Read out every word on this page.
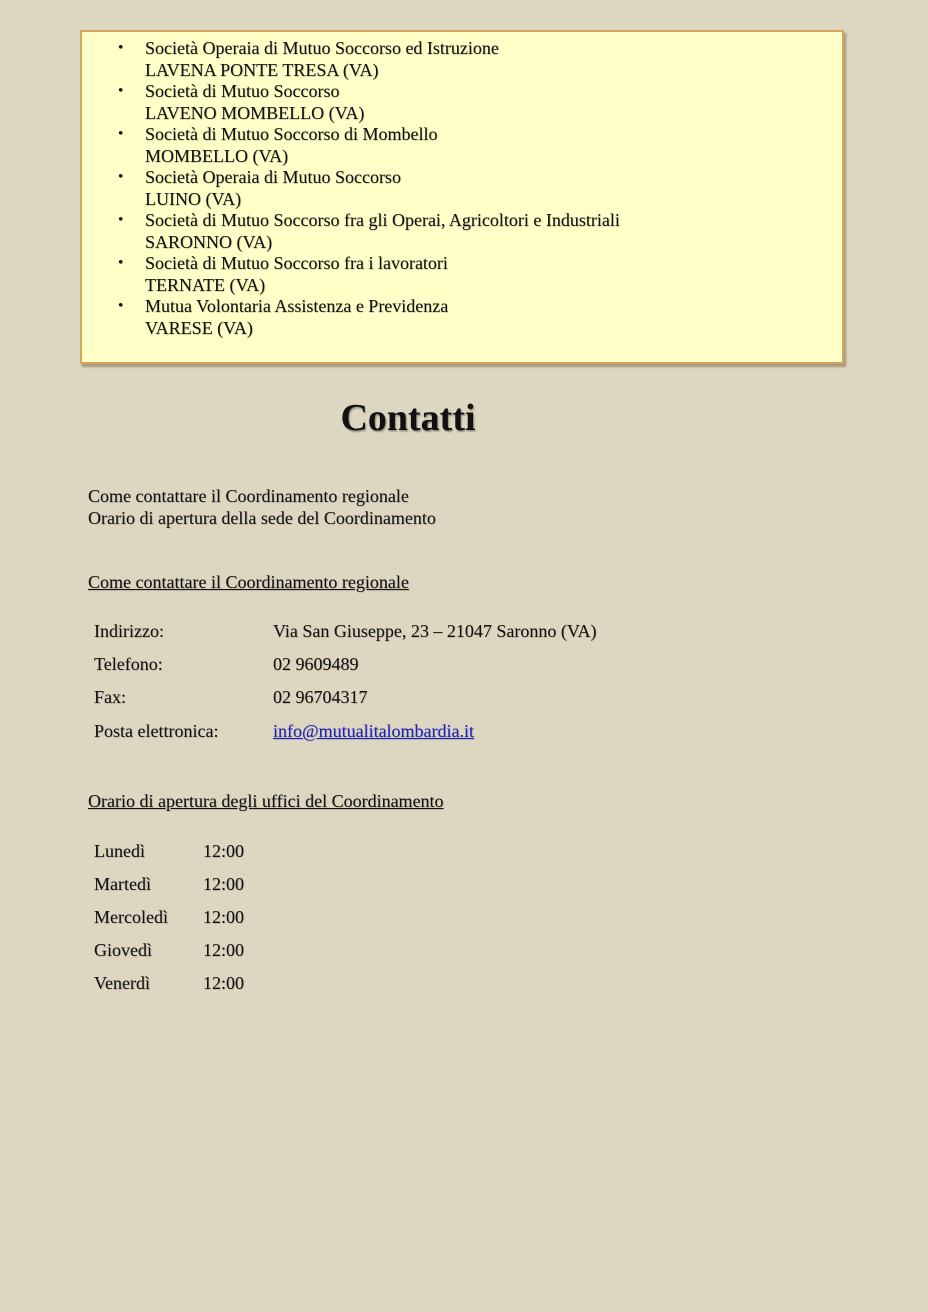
• Società Operaia di Mutuo Soccorso ed Istruzione
LAVENA PONTE TRESA (VA)
• Società di Mutuo Soccorso
LAVENO MOMBELLO (VA)
• Società di Mutuo Soccorso di Mombello
MOMBELLO (VA)
• Società Operaia di Mutuo Soccorso
LUINO (VA)
• Società di Mutuo Soccorso fra gli Operai, Agricoltori e Industriali
SARONNO (VA)
• Società di Mutuo Soccorso fra i lavoratori
TERNATE (VA)
• Mutua Volontaria Assistenza e Previdenza
VARESE (VA)
Contatti
Come contattare il Coordinamento regionale
Orario di apertura della sede del Coordinamento
Come contattare il Coordinamento regionale
Indirizzo:	Via San Giuseppe, 23 – 21047 Saronno (VA)
Telefono:	02 9609489
Fax:	02 96704317
Posta elettronica:	info@mutualitalombardia.it
Orario di apertura degli uffici del Coordinamento
Lunedì	12:00
Martedì	12:00
Mercoledì 12:00
Giovedì	12:00
Venerdì	12:00
